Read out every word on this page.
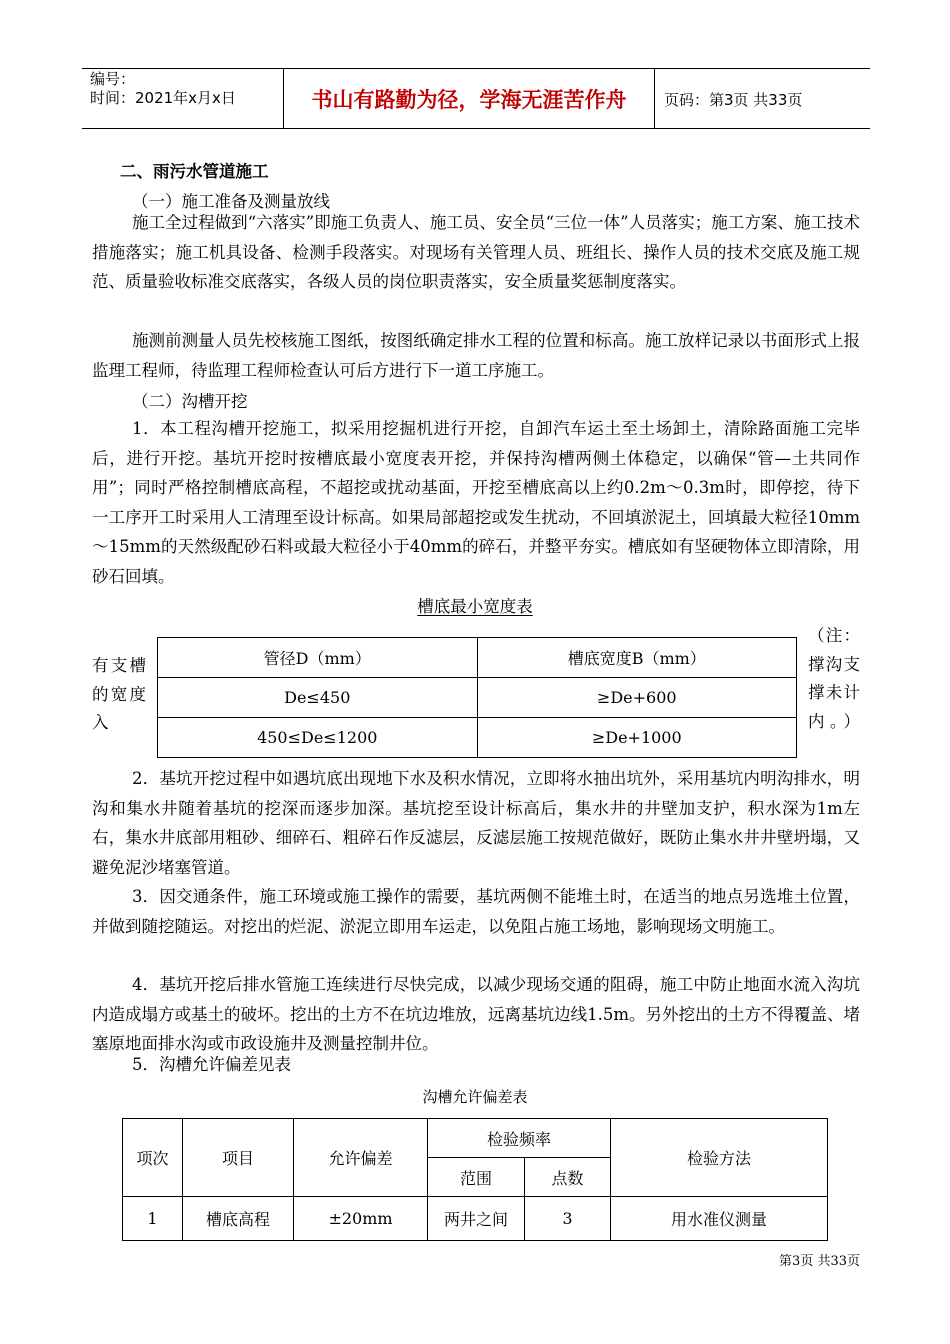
编号：
时间：2021年x月x日	书山有路勤为径，学海无涯苦作舟	页码：第3页 共33页
二、雨污水管道施工
（一）施工准备及测量放线

施工全过程做到“六落实”即施工负责人、施工员、安全员“三位一体”人员落实；施工方案、施工技术措施落实；施工机具设备、检测手段落实。对现场有关管理人员、班组长、操作人员的技术交底及施工规范、质量验收标准交底落实，各级人员的岗位职责落实，安全质量奖惩制度落实。

施测前测量人员先校核施工图纸，按图纸确定排水工程的位置和标高。施工放样记录以书面形式上报监理工程师，待监理工程师检查认可后方进行下一道工序施工。

（二）沟槽开挖

1．本工程沟槽开挖施工，拟采用挖掘机进行开挖，自卸汽车运土至土场卸土，清除路面施工完毕后，进行开挖。基坑开挖时按槽底最小宽度表开挖，并保持沟槽两侧土体稳定，以确保“管—土共同作用”；同时严格控制槽底高程，不超挖或扰动基面，开挖至槽底高以上约0.2m～0.3m时，即停挖，待下一工序开工时采用人工清理至设计标高。如果局部超挖或发生扰动，不回填淤泥土，回填最大粒径10mm～15mm的天然级配砂石料或最大粒径小于40mm的碎石，并整平夯实。槽底如有坚硬物体立即清除，用砂石回填。

槽底最小宽度表
有支槽的宽度入
（注：撑沟支撑未计内。）
管径D（mm）	槽底宽度B（mm）
De≤450	≥De+600
450≤De≤1200	≥De+1000

2．基坑开挖过程中如遇坑底出现地下水及积水情况，立即将水抽出坑外，采用基坑内明沟排水，明沟和集水井随着基坑的挖深而逐步加深。基坑挖至设计标高后，集水井的井壁加支护，积水深为1m左右，集水井底部用粗砂、细碎石、粗碎石作反滤层，反滤层施工按规范做好，既防止集水井井壁坍塌，又避免泥沙堵塞管道。

3．因交通条件，施工环境或施工操作的需要，基坑两侧不能堆土时，在适当的地点另选堆土位置，并做到随挖随运。对挖出的烂泥、淤泥立即用车运走，以免阻占施工场地，影响现场文明施工。

4．基坑开挖后排水管施工连续进行尽快完成，以减少现场交通的阻碍，施工中防止地面水流入沟坑内造成塌方或基土的破坏。挖出的土方不在坑边堆放，远离基坑边线1.5m。另外挖出的土方不得覆盖、堵塞原地面排水沟或市政设施井及测量控制井位。

5．沟槽允许偏差见表

沟槽允许偏差表
项次	项目	允许偏差	检验频率		检验方法
			范围	点数	
1	槽底高程	±20mm	两井之间	3	用水准仪测量
第3页 共33页
